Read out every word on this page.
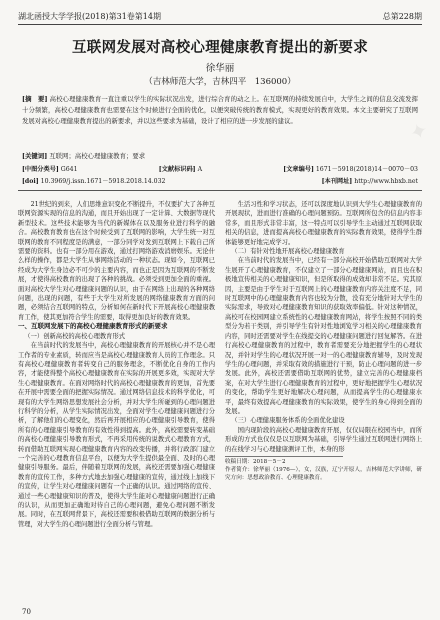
湖北函授大学学报(2018)第31卷第14期	总第228期
互联网发展对高校心理健康教育提出的新要求
徐华丽
（吉林师范大学，吉林四平　136000）
[摘　要] 高校心理健康教育一直注重以学生的实际状况出发，进行综合育的动之上。在互联网的持续发展自中，大学生之间的信息交流发挥十分频繁，高校心理健康教育也需要在这个时候进行全面的优化，以便突破传统的教育模式，实现更好的教育效果。本文主要研究了互联网发展对高校心理健康教育提出的新要求，并以这些要求为基础，设计了相应的进一步发展的建议。
[关键词] 互联网；高校心理健康教育；要求
[中图分类号] G641	[文献标识码] A	[文章编号] 1671－5918(2018)14－0070－03
[doi] 10.3969/j.issn.1671－5918.2018.14.032	[本刊网址] http://www.hbxb.net
✦

21世纪的到来，人们思维意识变化不断提升，不仅要扩大了各种互联网资源实现的信息的沟通，而且开始出现了一定计算、大数据等现代新型技术。这些技术能够为当代的新媒体在以及服务业进行科学的融合。高校教育教育也在这个时候受到了互联网的影响，大学生统一对互联网的教育不同程度是的满意，一部分同学对发到互联网上下载自己所需要的资料。也有一部分用在游戏，通过打网络游戏消磨娱乐。无论什么样的操作，都是大学生从事网络活动的一种状态。现如今，互联网已经成为大学生身边必不可少的主要内容，而也正是因为互联网的不断发展，才使得高校教育的出现了各种的挑战。必须受到更加全面的重视。面对高校大学生对心理健康问题的认识，由于在网络上出现的各种网络问题，出现的问题，有些于大学生对所发展的网络健康教育方面的问题，必须结合互联网的特点，分析如何在新时代下开展高校心理健康教育工作，使其更加符合学生的需要，取得更加良好的教育效果。

一、互联网发展下的高校心理健康教育形式的新要求
（一）创新高校的高校心理教育形式

在当前时代的发展当中，高校心理健康教育的开展核心并不是心理工作者的专业素质，转而应当是高校心理健康教育人员的工作理念。只有高校心理健康教育者转变自己的服务理念，不断优化自身的工作内容，才能使得整个高校心理健康教育在实际的开展更多效，实现对大学生心理健康教育。在面对网络时代的高校心理健康教育的更加，首先要在开展中需要全面的把握实际情况。通过网络信息技术的科学优化，可现有的大学生网络思想发展社会分析，并对大学生所碰到的心理问题进行科学的分析，从学生实际情况出发，全面对学生心理健康问题进行分析，了解他们的心理变化，然后再开展相应的心理健康引导教育，使得所有的心理健康引导教育的有效性得到提高。此外，高校需要转变基础的高校心理健康引导教育形式，不再采用传统的说教式心理教育方式，转而借助互联网实现心理健康教育内容的改变传播，并将行政部门建立一个完善的心理教育信息平台，以便为大学生提供最全面、及时的心理健康引导服务。最后，伴随着互联网的发展，高校还需要加强心理健康教育的宣传工作，多种方式地去加强心理健康的宣传，通过线上加线下的宣传，让学生对心理健康问题有一个正确的认识。通过网络的宣传、通过一些心理健康知识的普及，使得大学生能对心理健康问题进行正确的认识，从而更加正确地对待自己的心理问题，避免心理问题不断发展。同时，在互联网背景下，高校还需要积极借助互联网的数据分析与管理，对大学生的心理问题进行全面分析与管理。

生活习性和学习状态，还可以深度地认识到大学生心理健康教育的开展现状，进而进行准确的心理问题预防。互联网所包含的信息内容非常多，而且形式非常丰富，这一特点可以引导学生主动通过互联网获取相关的信息，进而提高高校心理健康教育的实际教育效果，使得学生群体能够更好地完成学习。

（二）有针对性地开展高校心理健康教育

在当前时代的发展当中，已经有一部分高校开始借助互联网对大学生展开了心理健康教育，不仅建立了一部分心理健康网站，而且也在积极地宣传相关的心理健康知识，但是所取得的成效却非常不足。究其原因，主要是由于学生对于互联网上的心理健康教育内容关注度不足，同时互联网中的心理健康教育内容也较为分散，没有充分地针对大学生的实际需求，导致对心理健康教育知识的获取效率偏低。针对这种情况，高校可在校园网建立系统性的心理健康教育网站，将学生按照不同的类型分为若干类别，并引导学生有针对性地浏览学习相关的心理健康教育内容，同时还需要对学生在线提交的心理健康问题进行回复解答。在进行高校心理健康教育的过程中，教育者需要充分地把握学生的心理状况，并针对学生的心理状况开展一对一的心理健康教育辅导，及时发现学生的心理问题，并采取有效的措施进行干预，防止心理问题的进一步发展。此外，高校还需要借助互联网的优势，建立完善的心理健康档案，在对大学生进行心理健康教育的过程中，更好地把握学生心理状况的变化，帮助学生更好地解决心理问题，从而提高学生的心理健康水平，最终有效提高心理健康教育的实际效果，使学生的身心得到全面的发展。

（三）心理健康服务体系的全面优化建设

国内现阶段的高校心理健康教育开展，仅仅局限在校园当中，而所形成的方式也仅仅是以互联网为基础，引导学生通过互联网进行网络上的在线学习与心理健康测评工作，本身的形

收稿日期：2018－5－2

作者简介：徐华丽（1976—），女，汉族，辽宁开原人，吉林师范大学讲师，研究方向：思想政治教育、心理健康教育。

70
